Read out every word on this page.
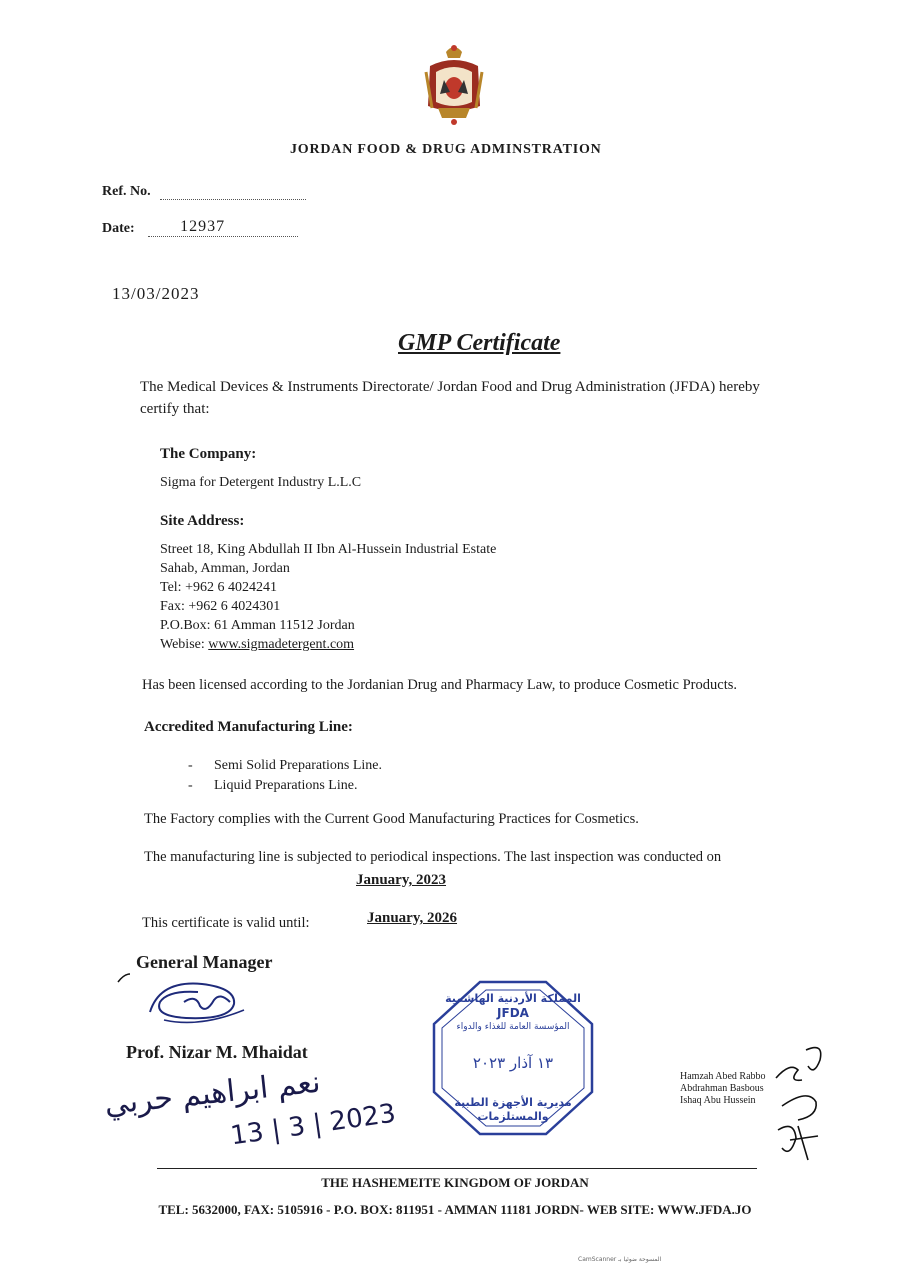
JORDAN FOOD & DRUG ADMINSTRATION
Ref. No.
Date:	12937
13/03/2023
GMP Certificate
The Medical Devices & Instruments Directorate/ Jordan Food and Drug Administration (JFDA) hereby
certify that:
The Company:
Sigma for Detergent Industry L.L.C
Site Address:
Street 18, King Abdullah II Ibn Al-Hussein Industrial Estate
Sahab, Amman, Jordan
Tel: +962 6 4024241
Fax: +962 6 4024301
P.O.Box: 61 Amman 11512 Jordan
Webise: www.sigmadetergent.com
Has been licensed according to the Jordanian Drug and Pharmacy Law, to produce Cosmetic Products.
Accredited Manufacturing Line:
- Semi Solid Preparations Line.
- Liquid Preparations Line.
The Factory complies with the Current Good Manufacturing Practices for Cosmetics.
The manufacturing line is subjected to periodical inspections. The last inspection was conducted on
January, 2023
This certificate is valid until:	January, 2026
General Manager
Prof. Nizar M. Mhaidat
نعم ابراهيم حربي
13 | 3 | 2023
المملكة الأردنية الهاشمية
JFDA
المؤسسة العامة للغذاء والدواء
١٣ آذار ٢٠٢٣
مديرية الأجهزة الطبية
والمستلزمات
Hamzah Abed Rabbo
Abdrahman Basbous
Ishaq Abu Hussein
THE HASHEMEITE KINGDOM OF JORDAN
TEL: 5632000, FAX: 5105916 - P.O. BOX: 811951 - AMMAN 11181 JORDN- WEB SITE: WWW.JFDA.JO
CamScanner المسوحة ضوئيا بـ
